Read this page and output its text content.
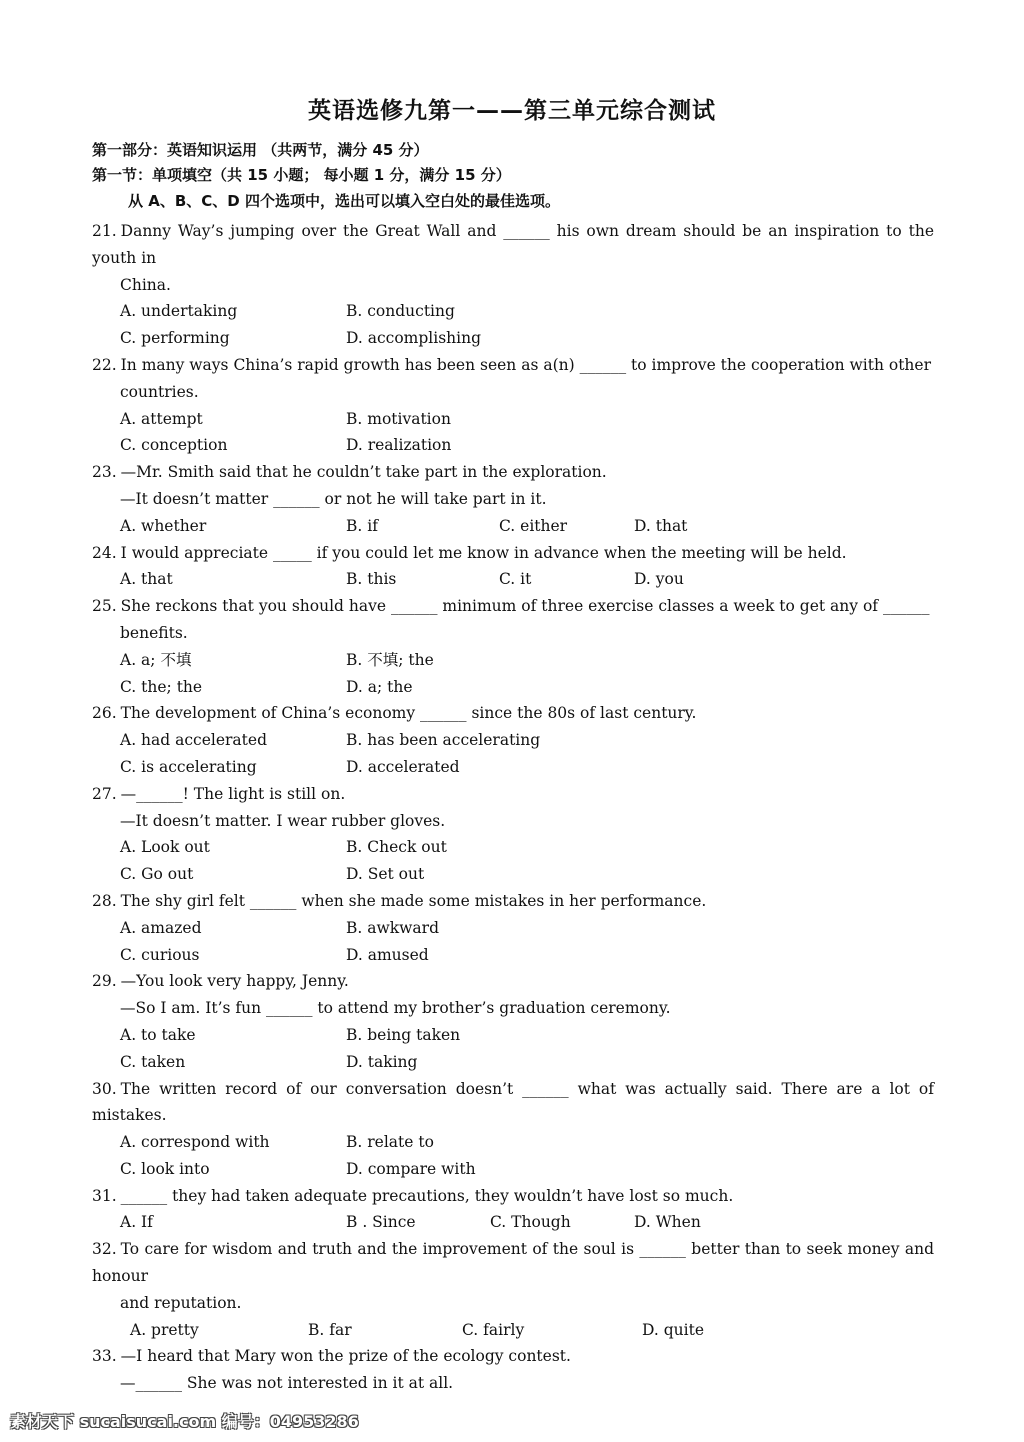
英语选修九第一——第三单元综合测试
第一部分：英语知识运用 （共两节，满分 45 分）
第一节：单项填空（共 15 小题； 每小题 1 分，满分 15 分）
从 A、B、C、D 四个选项中，选出可以填入空白处的最佳选项。
21. Danny Way’s jumping over the Great Wall and ______ his own dream should be an inspiration to the youth in
China.
A. undertaking	B. conducting
C. performing	D. accomplishing
22. In many ways China’s rapid growth has been seen as a(n) ______ to improve the cooperation with other
countries.
A. attempt	B. motivation
C. conception	D. realization
23. —Mr. Smith said that he couldn’t take part in the exploration.
—It doesn’t matter ______ or not he will take part in it.
A. whether	B. if	C. either	D. that
24. I would appreciate _____ if you could let me know in advance when the meeting will be held.
A. that	B. this	C. it	D. you
25. She reckons that you should have ______ minimum of three exercise classes a week to get any of ______
benefits.
A. a; 不填	B. 不填; the
C. the; the	D. a; the
26. The development of China’s economy ______ since the 80s of last century.
A. had accelerated	B. has been accelerating
C. is accelerating	D. accelerated
27. —______! The light is still on.
—It doesn’t matter. I wear rubber gloves.
A. Look out	B. Check out
C. Go out	D. Set out
28. The shy girl felt ______ when she made some mistakes in her performance.
A. amazed	B. awkward
C. curious	D. amused
29. —You look very happy, Jenny.
—So I am. It’s fun ______ to attend my brother’s graduation ceremony.
A. to take	B. being taken
C. taken	D. taking
30. The written record of our conversation doesn’t ______ what was actually said. There are a lot of mistakes.
A. correspond with	B. relate to
C. look into	D. compare with
31. ______ they had taken adequate precautions, they wouldn’t have lost so much.
A. If	B . Since	C. Though	D. When
32. To care for wisdom and truth and the improvement of the soul is ______ better than to seek money and honour
and reputation.
A. pretty	B. far	C. fairly	D. quite
33. —I heard that Mary won the prize of the ecology contest.
—______ She was not interested in it at all.
素材天下 sucaisucai.com 编号：04953286
